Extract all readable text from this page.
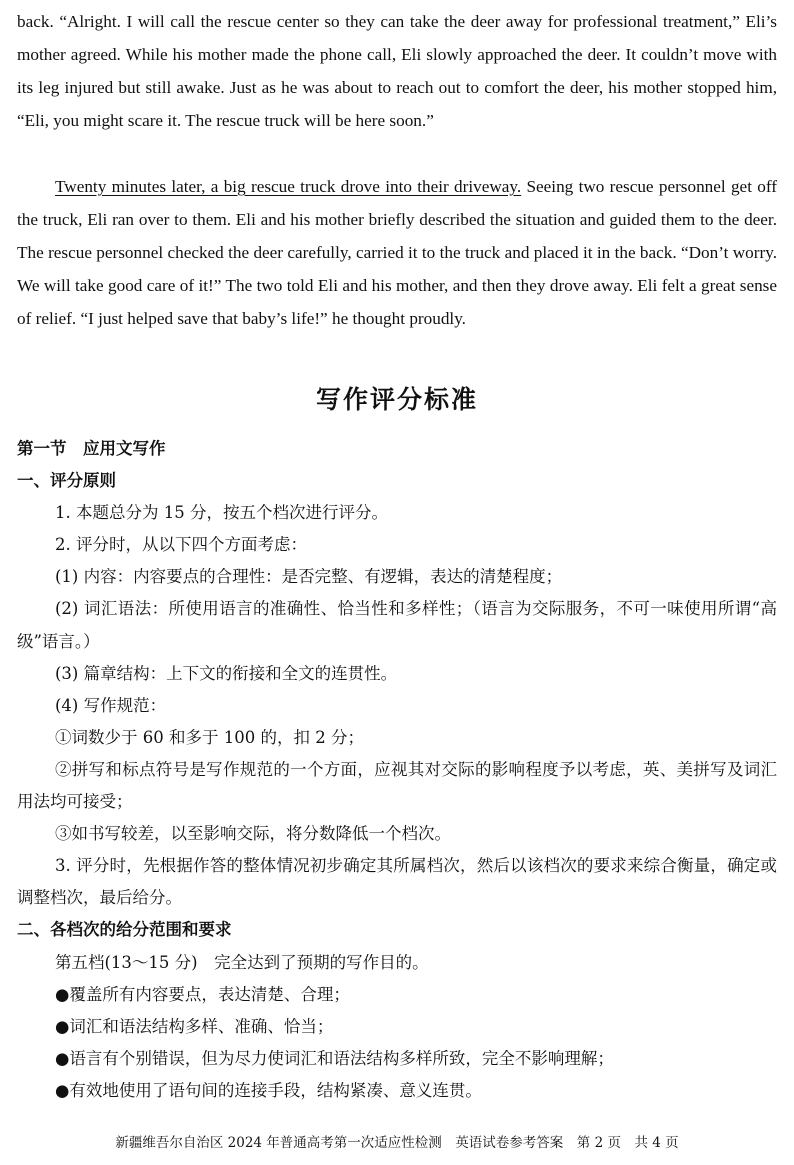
back. “Alright. I will call the rescue center so they can take the deer away for professional treatment,” Eli’s mother agreed. While his mother made the phone call, Eli slowly approached the deer. It couldn’t move with its leg injured but still awake. Just as he was about to reach out to comfort the deer, his mother stopped him, “Eli, you might scare it. The rescue truck will be here soon.”

Twenty minutes later, a big rescue truck drove into their driveway. Seeing two rescue personnel get off the truck, Eli ran over to them. Eli and his mother briefly described the situation and guided them to the deer. The rescue personnel checked the deer carefully, carried it to the truck and placed it in the back. “Don’t worry. We will take good care of it!” The two told Eli and his mother, and then they drove away. Eli felt a great sense of relief. “I just helped save that baby’s life!” he thought proudly.

写作评分标准

第一节　应用文写作

一、评分原则

1. 本题总分为 15 分，按五个档次进行评分。

2. 评分时，从以下四个方面考虑：

(1) 内容：内容要点的合理性：是否完整、有逻辑，表达的清楚程度；

(2) 词汇语法：所使用语言的准确性、恰当性和多样性；（语言为交际服务，不可一味使用所谓“高级”语言。）

(3) 篇章结构：上下文的衔接和全文的连贯性。

(4) 写作规范：

①词数少于 60 和多于 100 的，扣 2 分；

②拼写和标点符号是写作规范的一个方面，应视其对交际的影响程度予以考虑，英、美拼写及词汇用法均可接受；

③如书写较差，以至影响交际，将分数降低一个档次。

3. 评分时，先根据作答的整体情况初步确定其所属档次，然后以该档次的要求来综合衡量，确定或调整档次，最后给分。

二、各档次的给分范围和要求

第五档(13～15 分)　完全达到了预期的写作目的。

●覆盖所有内容要点，表达清楚、合理；

●词汇和语法结构多样、准确、恰当；

●语言有个别错误，但为尽力使词汇和语法结构多样所致，完全不影响理解；

●有效地使用了语句间的连接手段，结构紧凑、意义连贯。

新疆维吾尔自治区 2024 年普通高考第一次适应性检测　英语试卷参考答案　第 2 页　共 4 页
